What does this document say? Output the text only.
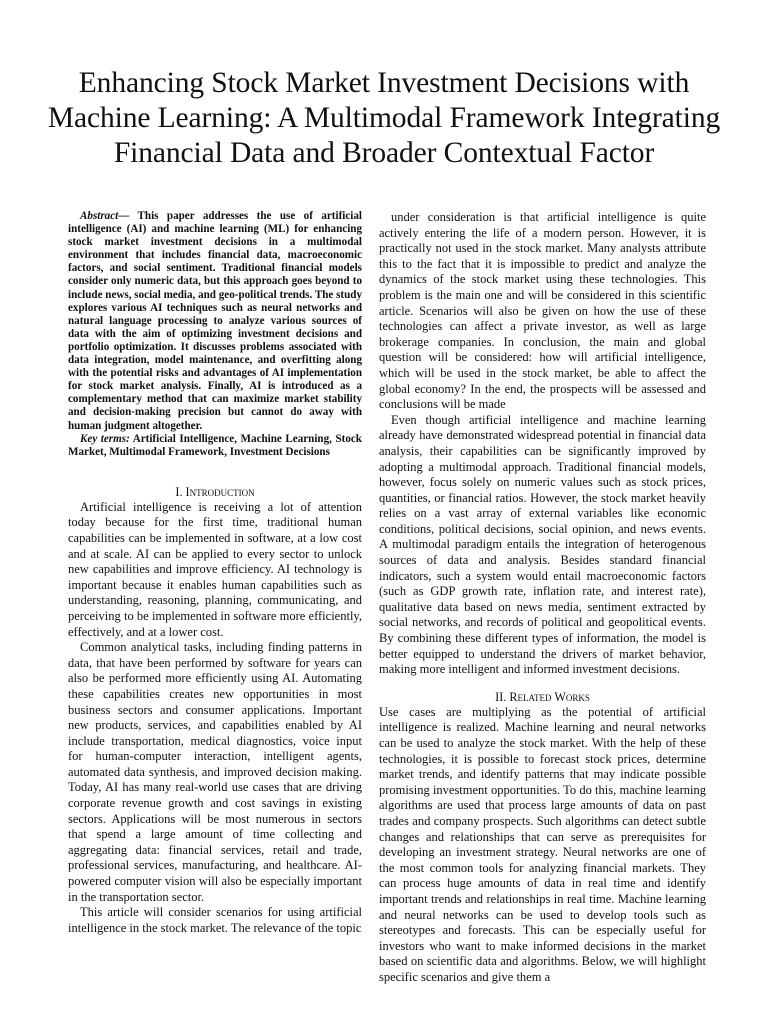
Enhancing Stock Market Investment Decisions with Machine Learning: A Multimodal Framework Integrating Financial Data and Broader Contextual Factor

Abstract— This paper addresses the use of artificial intelligence (AI) and machine learning (ML) for enhancing stock market investment decisions in a multimodal environment that includes financial data, macroeconomic factors, and social sentiment. Traditional financial models consider only numeric data, but this approach goes beyond to include news, social media, and geo-political trends. The study explores various AI techniques such as neural networks and natural language processing to analyze various sources of data with the aim of optimizing investment decisions and portfolio optimization. It discusses problems associated with data integration, model maintenance, and overfitting along with the potential risks and advantages of AI implementation for stock market analysis. Finally, AI is introduced as a complementary method that can maximize market stability and decision-making precision but cannot do away with human judgment altogether.

Key terms: Artificial Intelligence, Machine Learning, Stock Market, Multimodal Framework, Investment Decisions

I. Introduction

Artificial intelligence is receiving a lot of attention today because for the first time, traditional human capabilities can be implemented in software, at a low cost and at scale. AI can be applied to every sector to unlock new capabilities and improve efficiency. AI technology is important because it enables human capabilities such as understanding, reasoning, planning, communicating, and perceiving to be implemented in software more efficiently, effectively, and at a lower cost.

Common analytical tasks, including finding patterns in data, that have been performed by software for years can also be performed more efficiently using AI. Automating these capabilities creates new opportunities in most business sectors and consumer applications. Important new products, services, and capabilities enabled by AI include transportation, medical diagnostics, voice input for human-computer interaction, intelligent agents, automated data synthesis, and improved decision making. Today, AI has many real-world use cases that are driving corporate revenue growth and cost savings in existing sectors. Applications will be most numerous in sectors that spend a large amount of time collecting and aggregating data: financial services, retail and trade, professional services, manufacturing, and healthcare. AI-powered computer vision will also be especially important in the transportation sector.

This article will consider scenarios for using artificial intelligence in the stock market. The relevance of the topic

under consideration is that artificial intelligence is quite actively entering the life of a modern person. However, it is practically not used in the stock market. Many analysts attribute this to the fact that it is impossible to predict and analyze the dynamics of the stock market using these technologies. This problem is the main one and will be considered in this scientific article. Scenarios will also be given on how the use of these technologies can affect a private investor, as well as large brokerage companies. In conclusion, the main and global question will be considered: how will artificial intelligence, which will be used in the stock market, be able to affect the global economy? In the end, the prospects will be assessed and conclusions will be made

Even though artificial intelligence and machine learning already have demonstrated widespread potential in financial data analysis, their capabilities can be significantly improved by adopting a multimodal approach. Traditional financial models, however, focus solely on numeric values such as stock prices, quantities, or financial ratios. However, the stock market heavily relies on a vast array of external variables like economic conditions, political decisions, social opinion, and news events. A multimodal paradigm entails the integration of heterogenous sources of data and analysis. Besides standard financial indicators, such a system would entail macroeconomic factors (such as GDP growth rate, inflation rate, and interest rate), qualitative data based on news media, sentiment extracted by social networks, and records of political and geopolitical events. By combining these different types of information, the model is better equipped to understand the drivers of market behavior, making more intelligent and informed investment decisions.

II. Related Works

Use cases are multiplying as the potential of artificial intelligence is realized. Machine learning and neural networks can be used to analyze the stock market. With the help of these technologies, it is possible to forecast stock prices, determine market trends, and identify patterns that may indicate possible promising investment opportunities. To do this, machine learning algorithms are used that process large amounts of data on past trades and company prospects. Such algorithms can detect subtle changes and relationships that can serve as prerequisites for developing an investment strategy. Neural networks are one of the most common tools for analyzing financial markets. They can process huge amounts of data in real time and identify important trends and relationships in real time. Machine learning and neural networks can be used to develop tools such as stereotypes and forecasts. This can be especially useful for investors who want to make informed decisions in the market based on scientific data and algorithms. Below, we will highlight specific scenarios and give them a
